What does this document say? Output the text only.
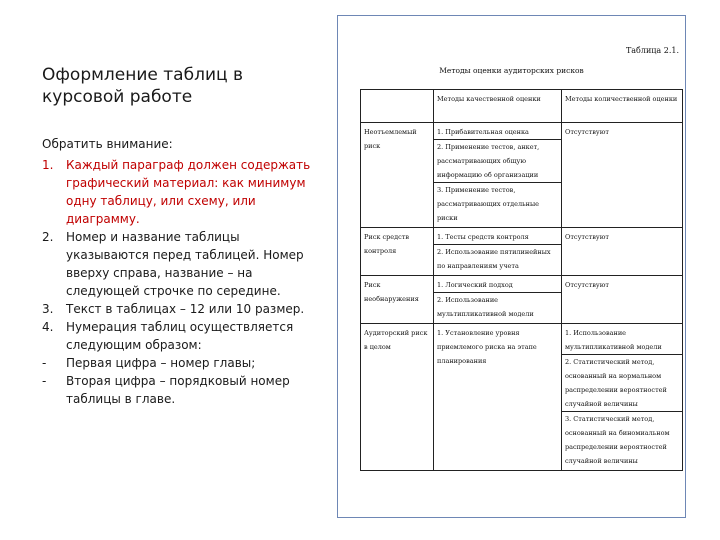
Оформление таблиц в курсовой работе
Обратить внимание:
1. Каждый параграф должен содержать графический материал: как минимум одну таблицу, или схему, или диаграмму.
2. Номер и название таблицы указываются перед таблицей. Номер вверху справа, название – на следующей строчке по середине.
3. Текст в таблицах – 12 или 10 размер.
4. Нумерация таблиц осуществляется следующим образом:
- Первая цифра – номер главы;
- Вторая цифра – порядковый номер таблицы в главе.
Таблица 2.1.
Методы оценки аудиторских рисков
	Методы качественной оценки	Методы количественной оценки
Неотъемлемый риск	1. Прибавительная оценка
2. Применение тестов, анкет, рассматривающих общую информацию об организации
3. Применение тестов, рассматривающих отдельные риски	Отсутствуют

Риск средств контроля	1. Тесты средств контроля
2. Использование пятилинейных по направлениям учета	Отсутствуют

Риск необнаружения	1. Логический подход
2. Использование мультипликативной модели	Отсутствуют

Аудиторский риск в целом	1. Установление уровня приемлемого риска на этапе планирования	1. Использование мультипликативной модели
2. Статистический метод, основанный на нормальном распределении вероятностей случайной величины
3. Статистический метод, основанный на биномиальном распределении вероятностей случайной величины
